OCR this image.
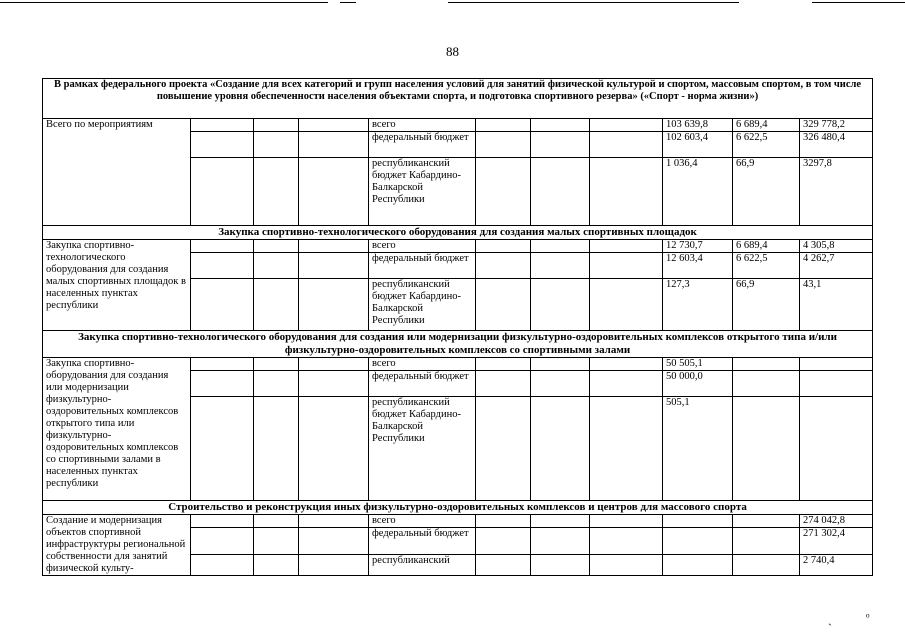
88
В рамках федерального проекта «Создание для всех категорий и групп населения условий для занятий физической культурой и спортом, массовым спортом, в том числе повышение уровня обеспеченности населения объектами спорта, и подготовка спортивного резерва» («Спорт - норма жизни»)										
Всего по мероприятиям				всего				103 639,8	6 689,4	329 778,2
				федеральный бюджет				102 603,4	6 622,5	326 480,4
				республиканский бюджет Кабардино-Балкарской Республики				1 036,4	66,9	3297,8
Закупка спортивно-технологического оборудования для создания малых спортивных площадок										
Закупка спортивно-технологического оборудования для создания малых спортивных площадок в населенных пунктах республики				всего				12 730,7	6 689,4	4 305,8
				федеральный бюджет				12 603,4	6 622,5	4 262,7
				республиканский бюджет Кабардино-Балкарской Республики				127,3	66,9	43,1
Закупка спортивно-технологического оборудования для создания или модернизации физкультурно-оздоровительных комплексов открытого типа и/или физкультурно-оздоровительных комплексов со спортивными залами										
Закупка спортивно-оборудования для создания или модернизации физкультурно-оздоровительных комплексов открытого типа или физкультурно-оздоровительных комплексов со спортивными залами в населенных пунктах республики				всего				50 505,1		
				федеральный бюджет				50 000,0		
				республиканский бюджет Кабардино-Балкарской Республики				505,1		
Строительство и реконструкция иных физкультурно-оздоровительных комплексов и центров для массового спорта										
Создание и модернизация объектов спортивной инфраструктуры региональной собственности для занятий физической культу-				всего						274 042,8
				федеральный бюджет						271 302,4
				республиканский						2 740,4
ˏ	ᵒ
